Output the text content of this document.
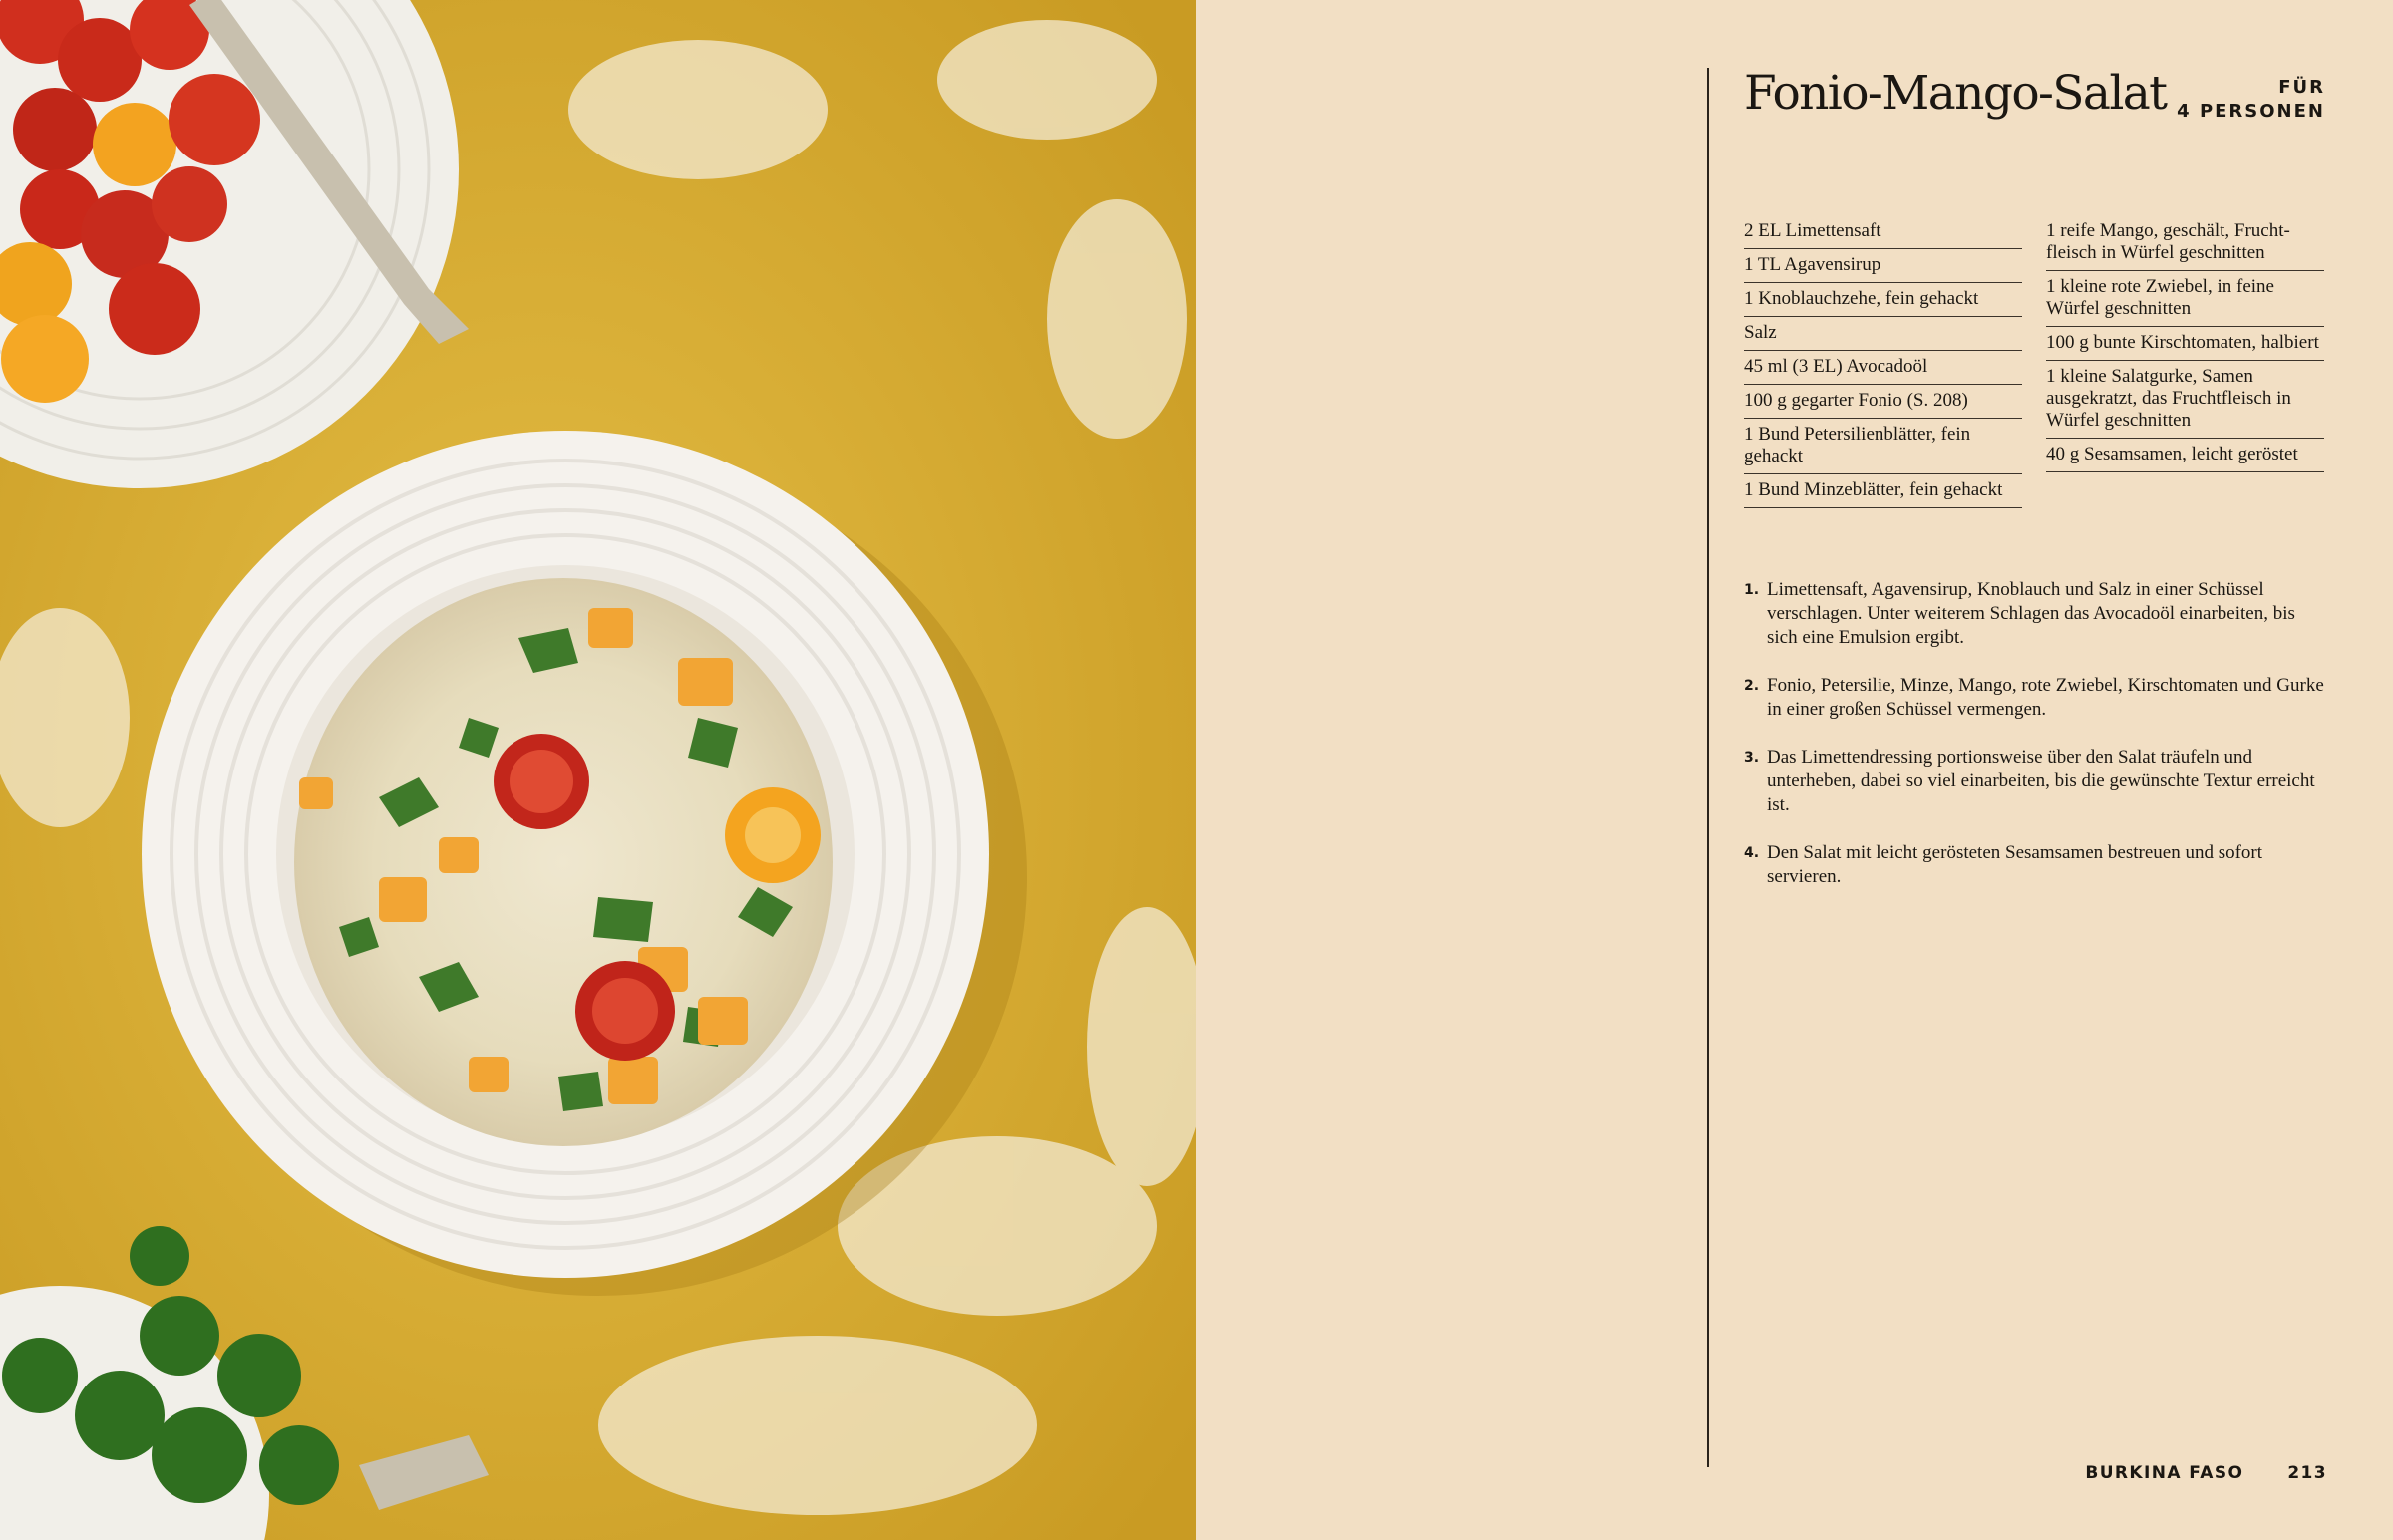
Fonio-Mango-Salat	FÜR
4 PERSONEN
2 EL Limettensaft
1 TL Agavensirup
1 Knoblauchzehe, fein gehackt
Salz
45 ml (3 EL) Avocadoöl
100 g gegarter Fonio (S. 208)
1 Bund Petersilienblätter, fein gehackt
1 Bund Minzeblätter, fein gehackt
1 reife Mango, geschält, Frucht-fleisch in Würfel geschnitten
1 kleine rote Zwiebel, in feine Würfel geschnitten
100 g bunte Kirschtomaten, halbiert
1 kleine Salatgurke, Samen ausgekratzt, das Fruchtfleisch in Würfel geschnitten
40 g Sesamsamen, leicht geröstet
1. Limettensaft, Agavensirup, Knoblauch und Salz in einer Schüssel verschlagen. Unter weiterem Schlagen das Avocadoöl einarbeiten, bis sich eine Emulsion ergibt.
2. Fonio, Petersilie, Minze, Mango, rote Zwiebel, Kirschtomaten und Gurke in einer großen Schüssel vermengen.
3. Das Limettendressing portionsweise über den Salat träufeln und unterheben, dabei so viel einarbeiten, bis die gewünschte Textur erreicht ist.
4. Den Salat mit leicht gerösteten Sesamsamen bestreuen und sofort servieren.
BURKINA FASO	213
